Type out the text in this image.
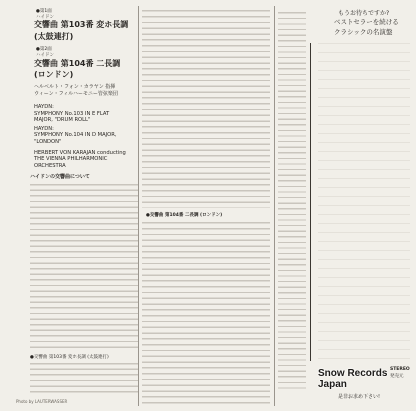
●第1面
ハイドン
交響曲 第103番 変ホ長調
(太鼓連打)
●第2面
ハイドン
交響曲 第104番 二長調
(ロンドン)
ヘルベルト・フォン・カラヤン 指揮
ウィーン・フィルハーモニー管弦楽団
HAYDN:
SYMPHONY No.103 IN E FLAT
MAJOR, "DRUM ROLL"
HAYDN:
SYMPHONY No.104 IN D MAJOR,
"LONDON"
HERBERT VON KARAJAN conducting
THE VIENNA PHILHARMONIC ORCHESTRA
ハイドンの交響曲について
●交響曲 第103番 変ホ長調 (太鼓連打)
Photo by LAUTERWASSER
●交響曲 第104番 二長調 (ロンドン)
もうお待ちですか?
ベストセラーを続ける
クラシックの名演盤
STEREO
発売元
是非お求め下さい!
Snow Records Japan
